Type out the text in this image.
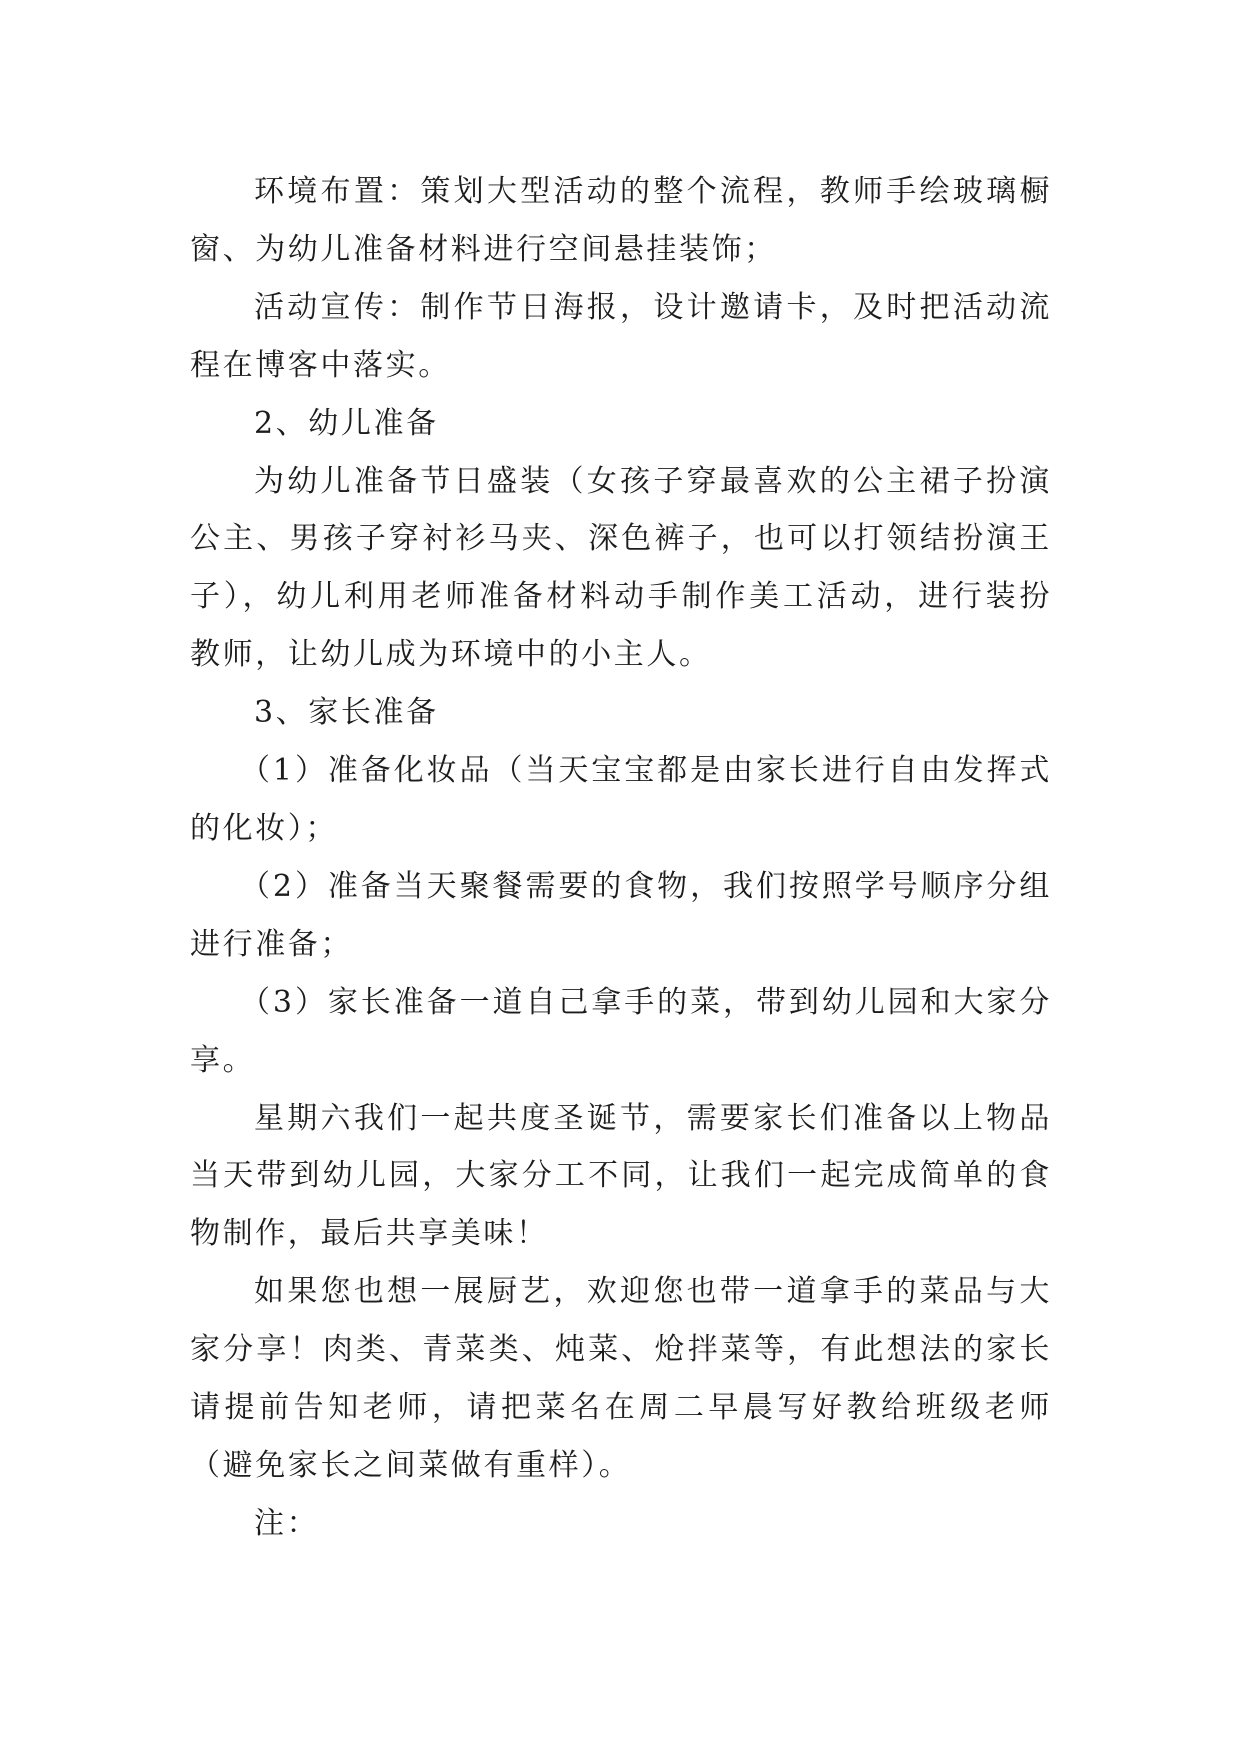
环境布置：策划大型活动的整个流程，教师手绘玻璃橱窗、为幼儿准备材料进行空间悬挂装饰；

活动宣传：制作节日海报，设计邀请卡，及时把活动流程在博客中落实。

2、幼儿准备

为幼儿准备节日盛装（女孩子穿最喜欢的公主裙子扮演公主、男孩子穿衬衫马夹、深色裤子，也可以打领结扮演王子），幼儿利用老师准备材料动手制作美工活动，进行装扮教师，让幼儿成为环境中的小主人。

3、家长准备

（1）准备化妆品（当天宝宝都是由家长进行自由发挥式的化妆）；

（2）准备当天聚餐需要的食物，我们按照学号顺序分组进行准备；

（3）家长准备一道自己拿手的菜，带到幼儿园和大家分享。

星期六我们一起共度圣诞节，需要家长们准备以上物品当天带到幼儿园，大家分工不同，让我们一起完成简单的食物制作，最后共享美味！

如果您也想一展厨艺，欢迎您也带一道拿手的菜品与大家分享！肉类、青菜类、炖菜、炝拌菜等，有此想法的家长请提前告知老师，请把菜名在周二早晨写好教给班级老师（避免家长之间菜做有重样）。

注：
